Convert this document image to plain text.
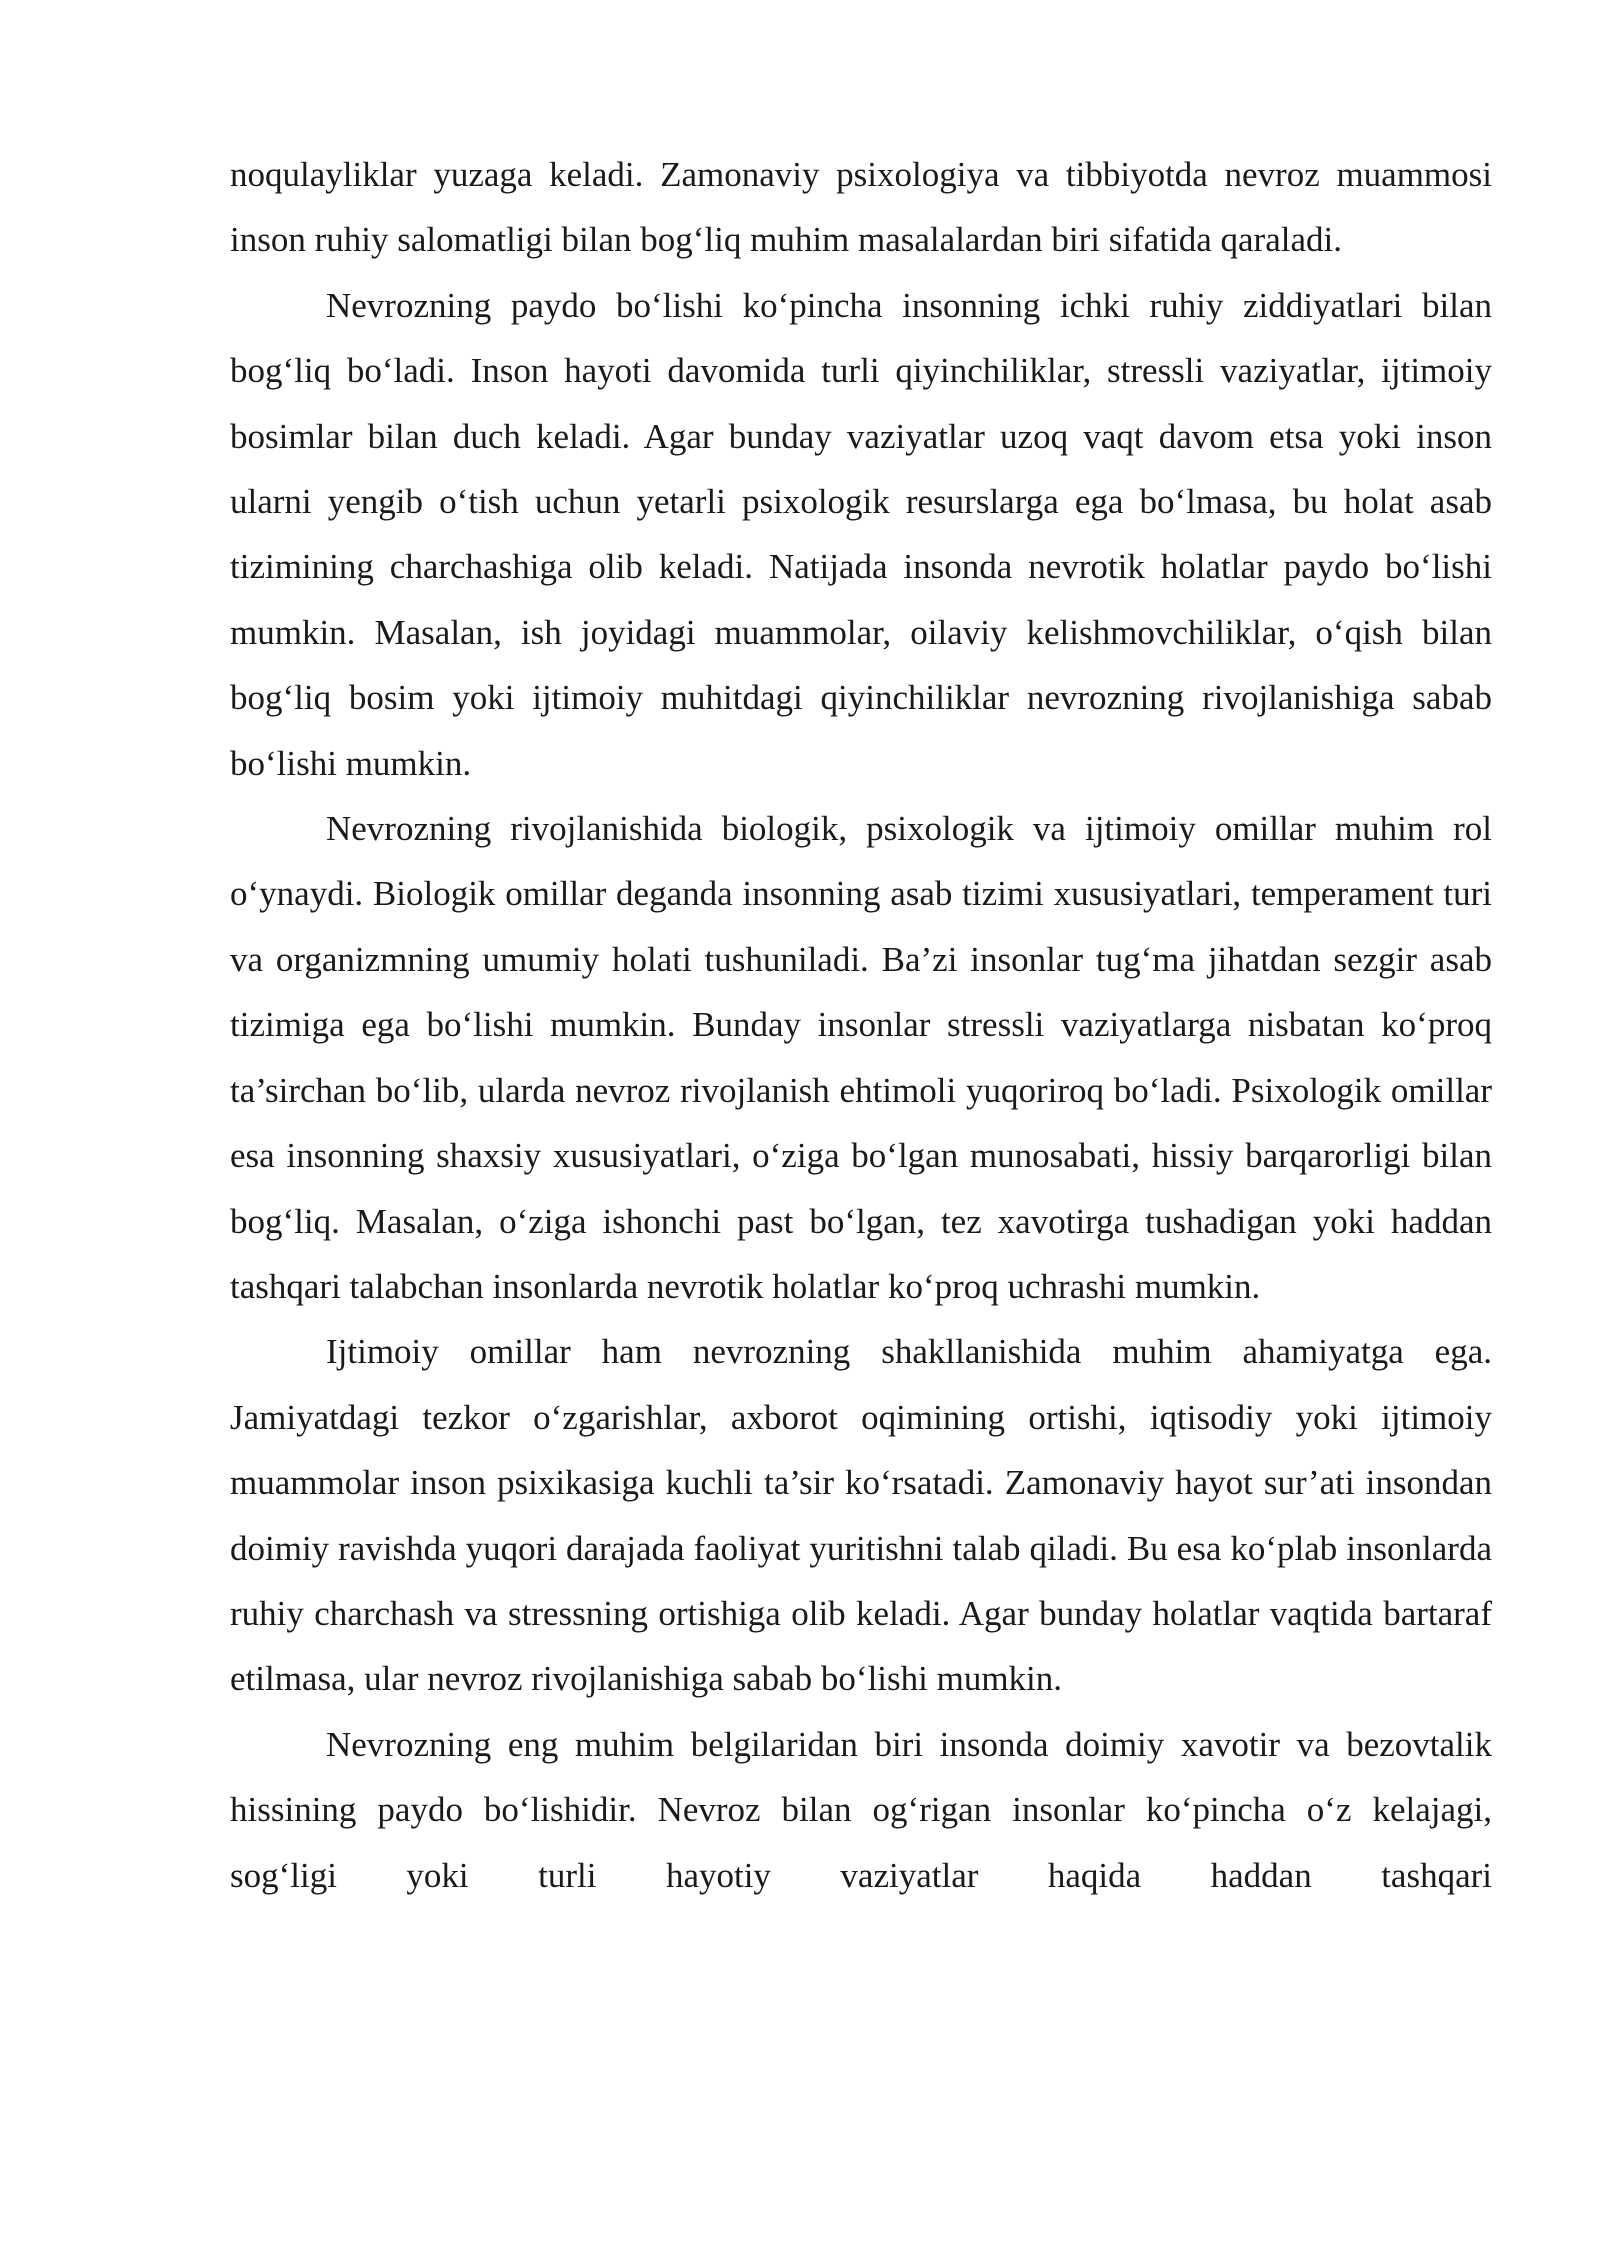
noqulayliklar yuzaga keladi. Zamonaviy psixologiya va tibbiyotda nevroz muammosi inson ruhiy salomatligi bilan bog‘liq muhim masalalardan biri sifatida qaraladi.

Nevrozning paydo bo‘lishi ko‘pincha insonning ichki ruhiy ziddiyatlari bilan bog‘liq bo‘ladi. Inson hayoti davomida turli qiyinchiliklar, stressli vaziyatlar, ijtimoiy bosimlar bilan duch keladi. Agar bunday vaziyatlar uzoq vaqt davom etsa yoki inson ularni yengib o‘tish uchun yetarli psixologik resurslarga ega bo‘lmasa, bu holat asab tizimining charchashiga olib keladi. Natijada insonda nevrotik holatlar paydo bo‘lishi mumkin. Masalan, ish joyidagi muammolar, oilaviy kelishmovchiliklar, o‘qish bilan bog‘liq bosim yoki ijtimoiy muhitdagi qiyinchiliklar nevrozning rivojlanishiga sabab bo‘lishi mumkin.

Nevrozning rivojlanishida biologik, psixologik va ijtimoiy omillar muhim rol o‘ynaydi. Biologik omillar deganda insonning asab tizimi xususiyatlari, temperament turi va organizmning umumiy holati tushuniladi. Ba’zi insonlar tug‘ma jihatdan sezgir asab tizimiga ega bo‘lishi mumkin. Bunday insonlar stressli vaziyatlarga nisbatan ko‘proq ta’sirchan bo‘lib, ularda nevroz rivojlanish ehtimoli yuqoriroq bo‘ladi. Psixologik omillar esa insonning shaxsiy xususiyatlari, o‘ziga bo‘lgan munosabati, hissiy barqarorligi bilan bog‘liq. Masalan, o‘ziga ishonchi past bo‘lgan, tez xavotirga tushadigan yoki haddan tashqari talabchan insonlarda nevrotik holatlar ko‘proq uchrashi mumkin.

Ijtimoiy omillar ham nevrozning shakllanishida muhim ahamiyatga ega. Jamiyatdagi tezkor o‘zgarishlar, axborot oqimining ortishi, iqtisodiy yoki ijtimoiy muammolar inson psixikasiga kuchli ta’sir ko‘rsatadi. Zamonaviy hayot sur’ati insondan doimiy ravishda yuqori darajada faoliyat yuritishni talab qiladi. Bu esa ko‘plab insonlarda ruhiy charchash va stressning ortishiga olib keladi. Agar bunday holatlar vaqtida bartaraf etilmasa, ular nevroz rivojlanishiga sabab bo‘lishi mumkin.

Nevrozning eng muhim belgilaridan biri insonda doimiy xavotir va bezovtalik hissining paydo bo‘lishidir. Nevroz bilan og‘rigan insonlar ko‘pincha o‘z kelajagi, sog‘ligi yoki turli hayotiy vaziyatlar haqida haddan tashqari
